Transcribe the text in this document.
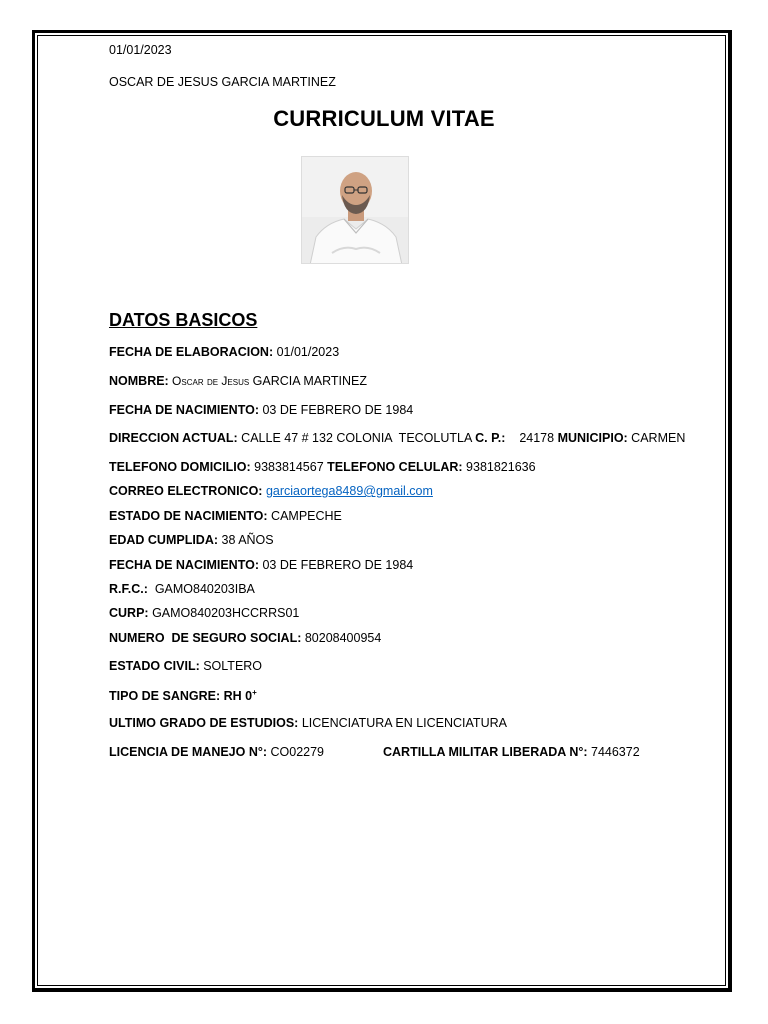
01/01/2023
OSCAR DE JESUS GARCIA MARTINEZ
CURRICULUM VITAE
DATOS BASICOS
FECHA DE ELABORACION: 01/01/2023
NOMBRE: Oscar de Jesus GARCIA MARTINEZ
FECHA DE NACIMIENTO: 03 DE FEBRERO DE 1984
DIRECCION ACTUAL: CALLE 47 # 132 COLONIA  TECOLUTLA C. P.:    24178 MUNICIPIO: CARMEN
TELEFONO DOMICILIO: 9383814567 TELEFONO CELULAR: 9381821636
CORREO ELECTRONICO: garciaortega8489@gmail.com
ESTADO DE NACIMIENTO: CAMPECHE
EDAD CUMPLIDA: 38 AÑOS
FECHA DE NACIMIENTO: 03 DE FEBRERO DE 1984
R.F.C.:  GAMO840203IBA
CURP: GAMO840203HCCRRS01
NUMERO  DE SEGURO SOCIAL: 80208400954
ESTADO CIVIL: SOLTERO
TIPO DE SANGRE: RH 0+
ULTIMO GRADO DE ESTUDIOS: LICENCIATURA EN LICENCIATURA
LICENCIA DE MANEJO N°: CO02279	CARTILLA MILITAR LIBERADA N°: 7446372
